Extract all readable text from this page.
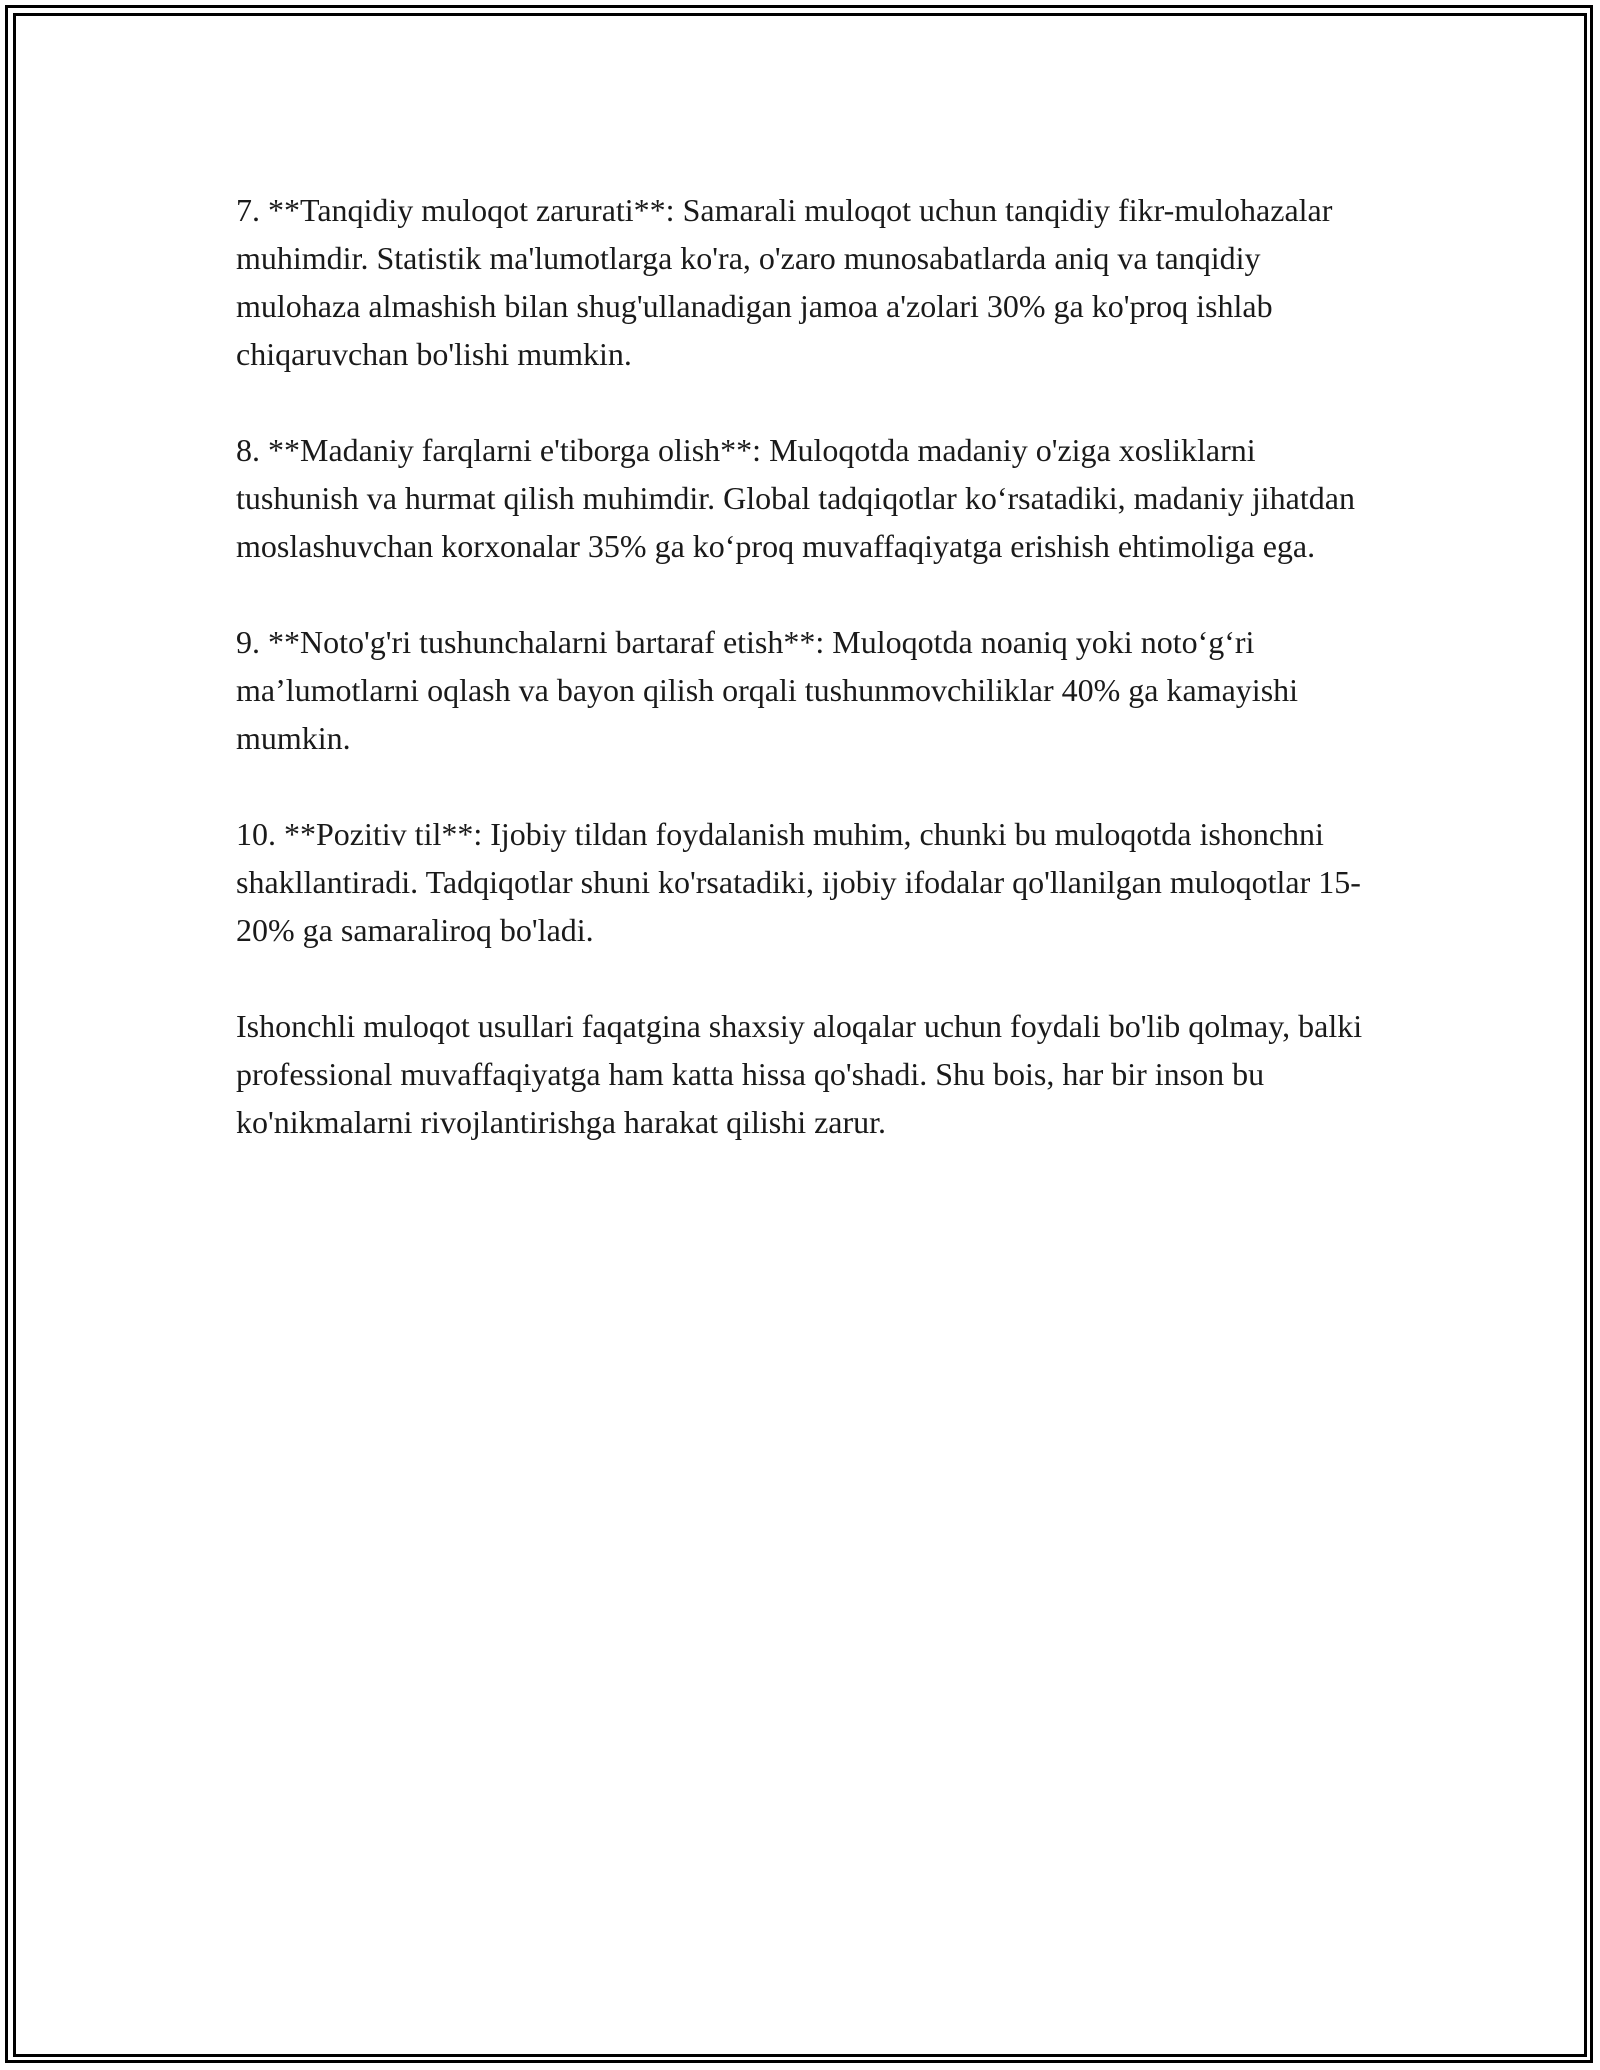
7. **Tanqidiy muloqot zarurati**: Samarali muloqot uchun tanqidiy fikr-mulohazalar muhimdir. Statistik ma'lumotlarga ko'ra, o'zaro munosabatlarda aniq va tanqidiy mulohaza almashish bilan shug'ullanadigan jamoa a'zolari 30% ga ko'proq ishlab chiqaruvchan bo'lishi mumkin.

8. **Madaniy farqlarni e'tiborga olish**: Muloqotda madaniy o'ziga xosliklarni tushunish va hurmat qilish muhimdir. Global tadqiqotlar ko‘rsatadiki, madaniy jihatdan moslashuvchan korxonalar 35% ga ko‘proq muvaffaqiyatga erishish ehtimoliga ega.

9. **Noto'g'ri tushunchalarni bartaraf etish**: Muloqotda noaniq yoki noto‘g‘ri ma’lumotlarni oqlash va bayon qilish orqali tushunmovchiliklar 40% ga kamayishi mumkin.

10. **Pozitiv til**: Ijobiy tildan foydalanish muhim, chunki bu muloqotda ishonchni shakllantiradi. Tadqiqotlar shuni ko'rsatadiki, ijobiy ifodalar qo'llanilgan muloqotlar 15-20% ga samaraliroq bo'ladi.

Ishonchli muloqot usullari faqatgina shaxsiy aloqalar uchun foydali bo'lib qolmay, balki professional muvaffaqiyatga ham katta hissa qo'shadi. Shu bois, har bir inson bu ko'nikmalarni rivojlantirishga harakat qilishi zarur.
